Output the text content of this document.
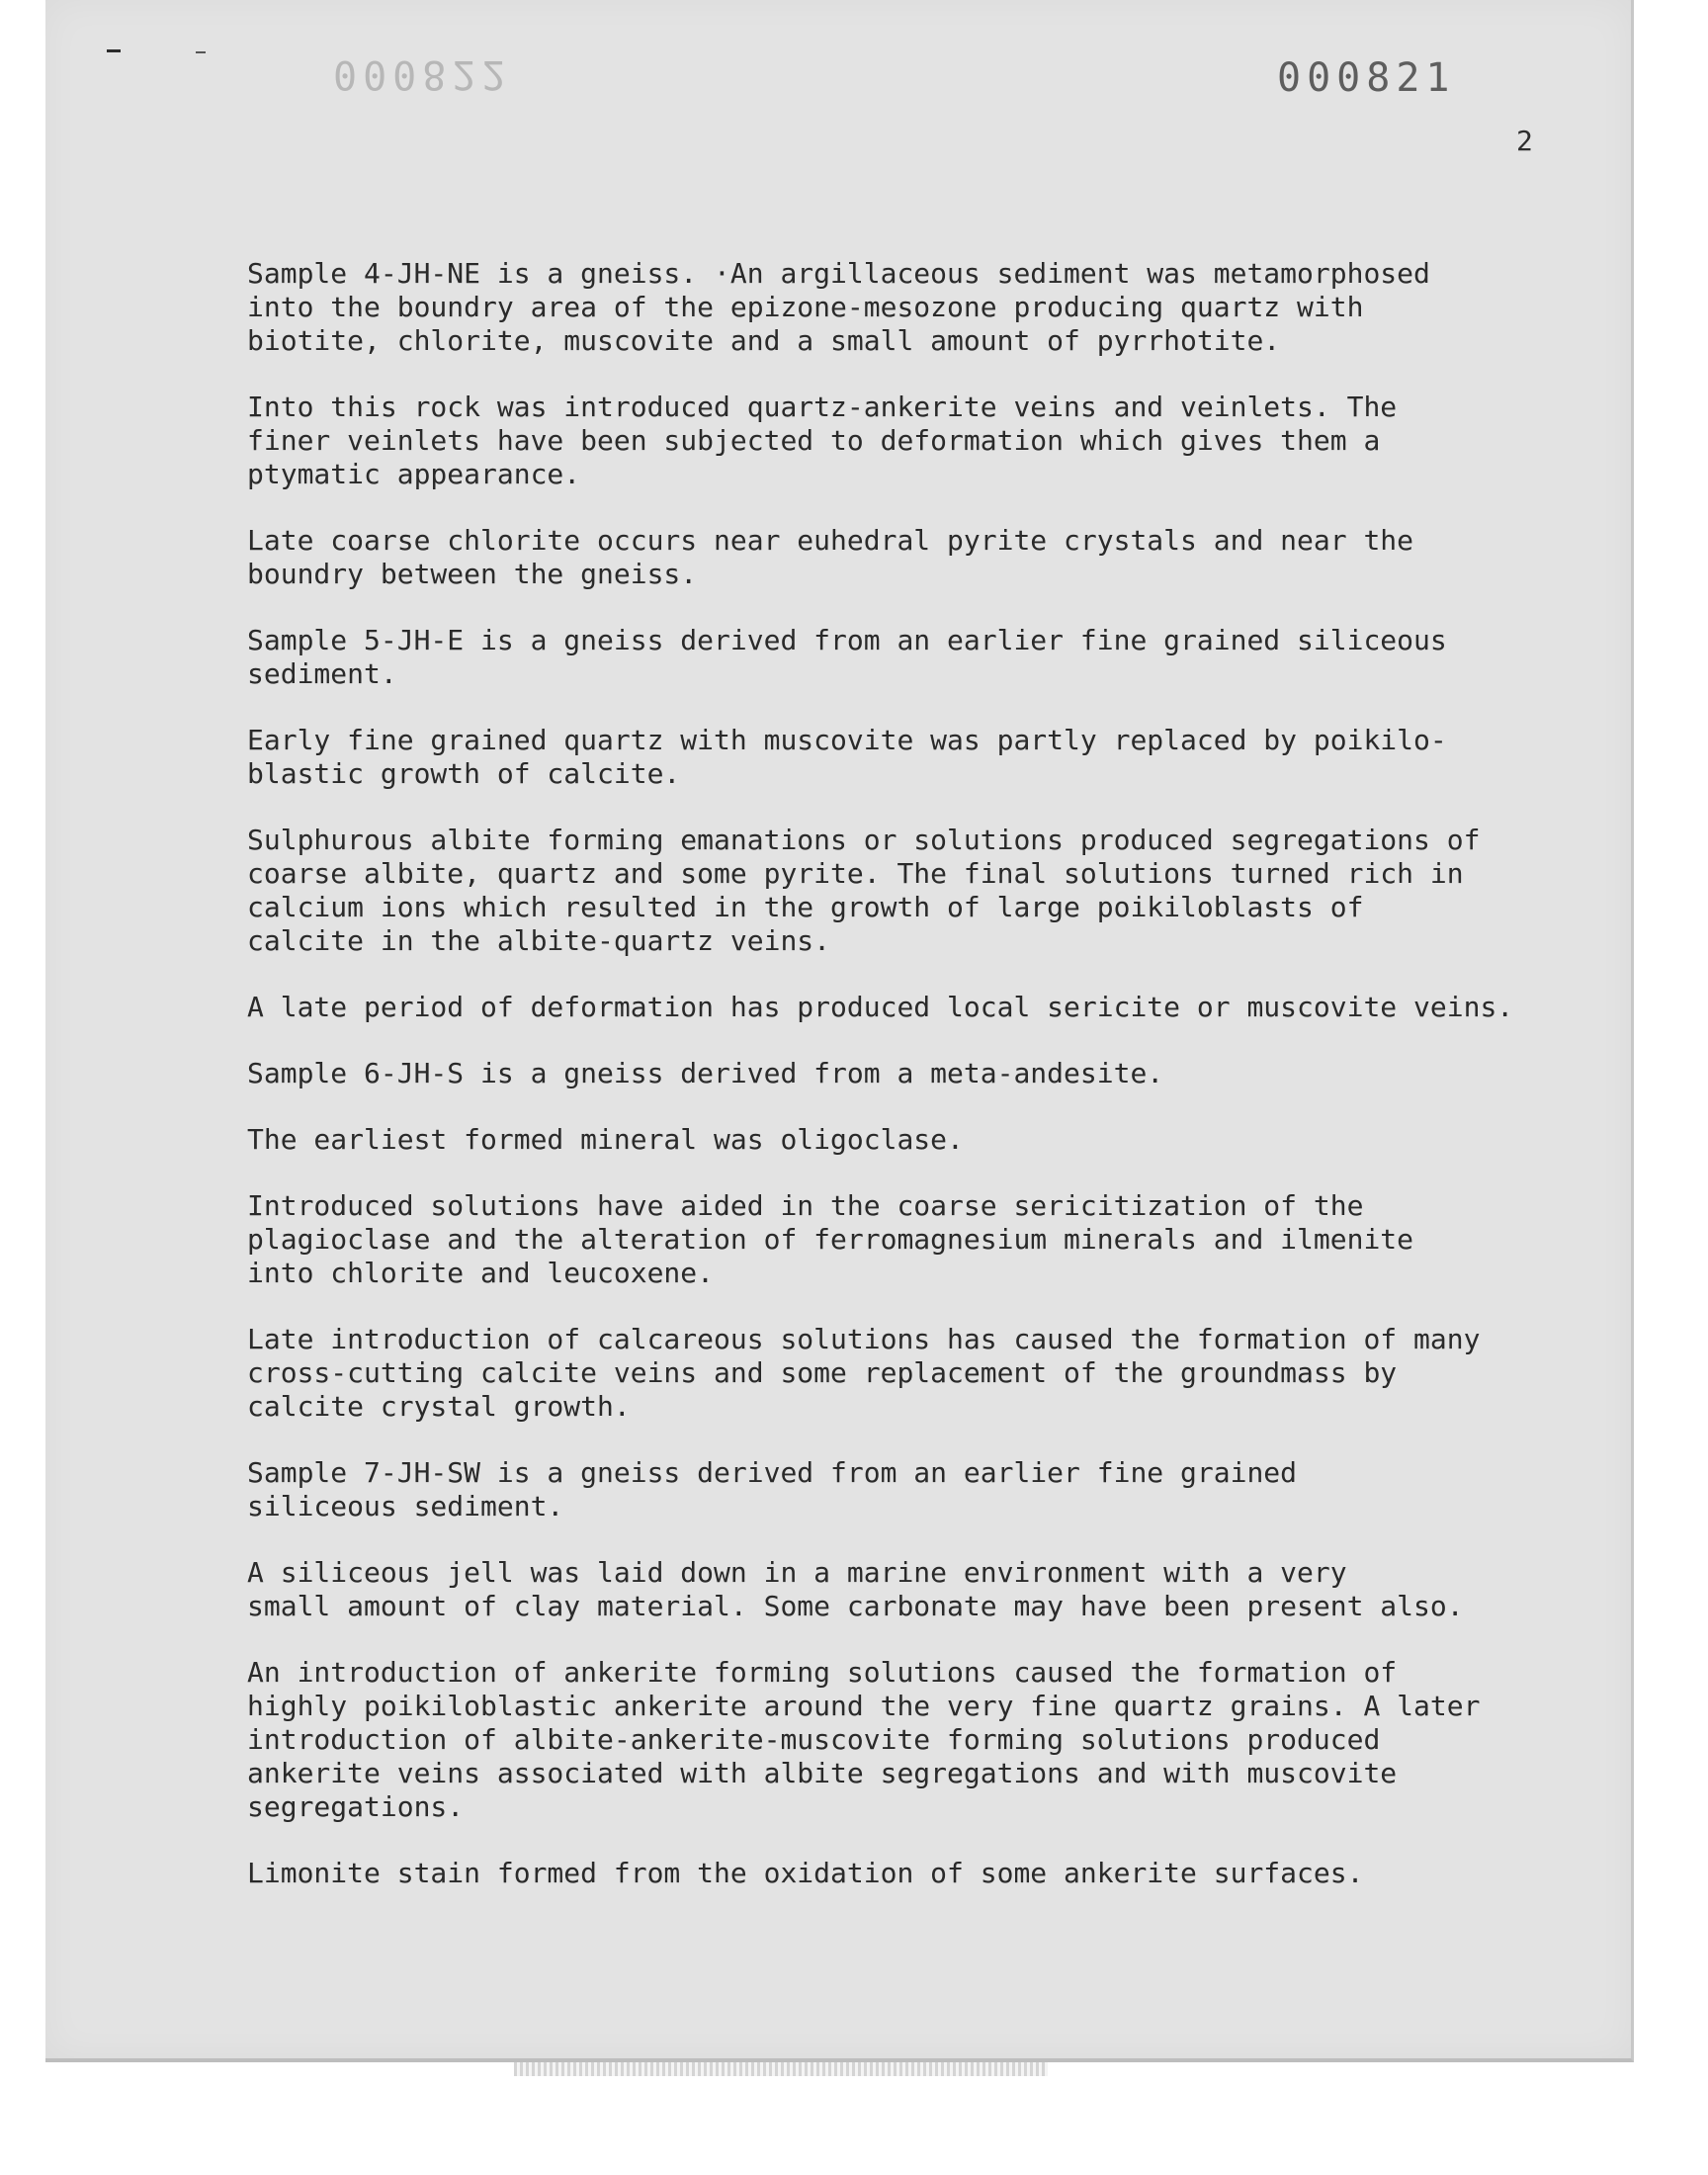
000822	000821
2

Sample 4-JH-NE is a gneiss. ·An argillaceous sediment was metamorphosed
into the boundry area of the epizone-mesozone producing quartz with
biotite, chlorite, muscovite and a small amount of pyrrhotite.

Into this rock was introduced quartz-ankerite veins and veinlets. The
finer veinlets have been subjected to deformation which gives them a
ptymatic appearance.

Late coarse chlorite occurs near euhedral pyrite crystals and near the
boundry between the gneiss.

Sample 5-JH-E is a gneiss derived from an earlier fine grained siliceous
sediment.

Early fine grained quartz with muscovite was partly replaced by poikilo-
blastic growth of calcite.

Sulphurous albite forming emanations or solutions produced segregations of
coarse albite, quartz and some pyrite. The final solutions turned rich in
calcium ions which resulted in the growth of large poikiloblasts of
calcite in the albite-quartz veins.

A late period of deformation has produced local sericite or muscovite veins.

Sample 6-JH-S is a gneiss derived from a meta-andesite.

The earliest formed mineral was oligoclase.

Introduced solutions have aided in the coarse sericitization of the
plagioclase and the alteration of ferromagnesium minerals and ilmenite
into chlorite and leucoxene.

Late introduction of calcareous solutions has caused the formation of many
cross-cutting calcite veins and some replacement of the groundmass by
calcite crystal growth.

Sample 7-JH-SW is a gneiss derived from an earlier fine grained
siliceous sediment.

A siliceous jell was laid down in a marine environment with a very
small amount of clay material. Some carbonate may have been present also.

An introduction of ankerite forming solutions caused the formation of
highly poikiloblastic ankerite around the very fine quartz grains. A later
introduction of albite-ankerite-muscovite forming solutions produced
ankerite veins associated with albite segregations and with muscovite
segregations.

Limonite stain formed from the oxidation of some ankerite surfaces.
